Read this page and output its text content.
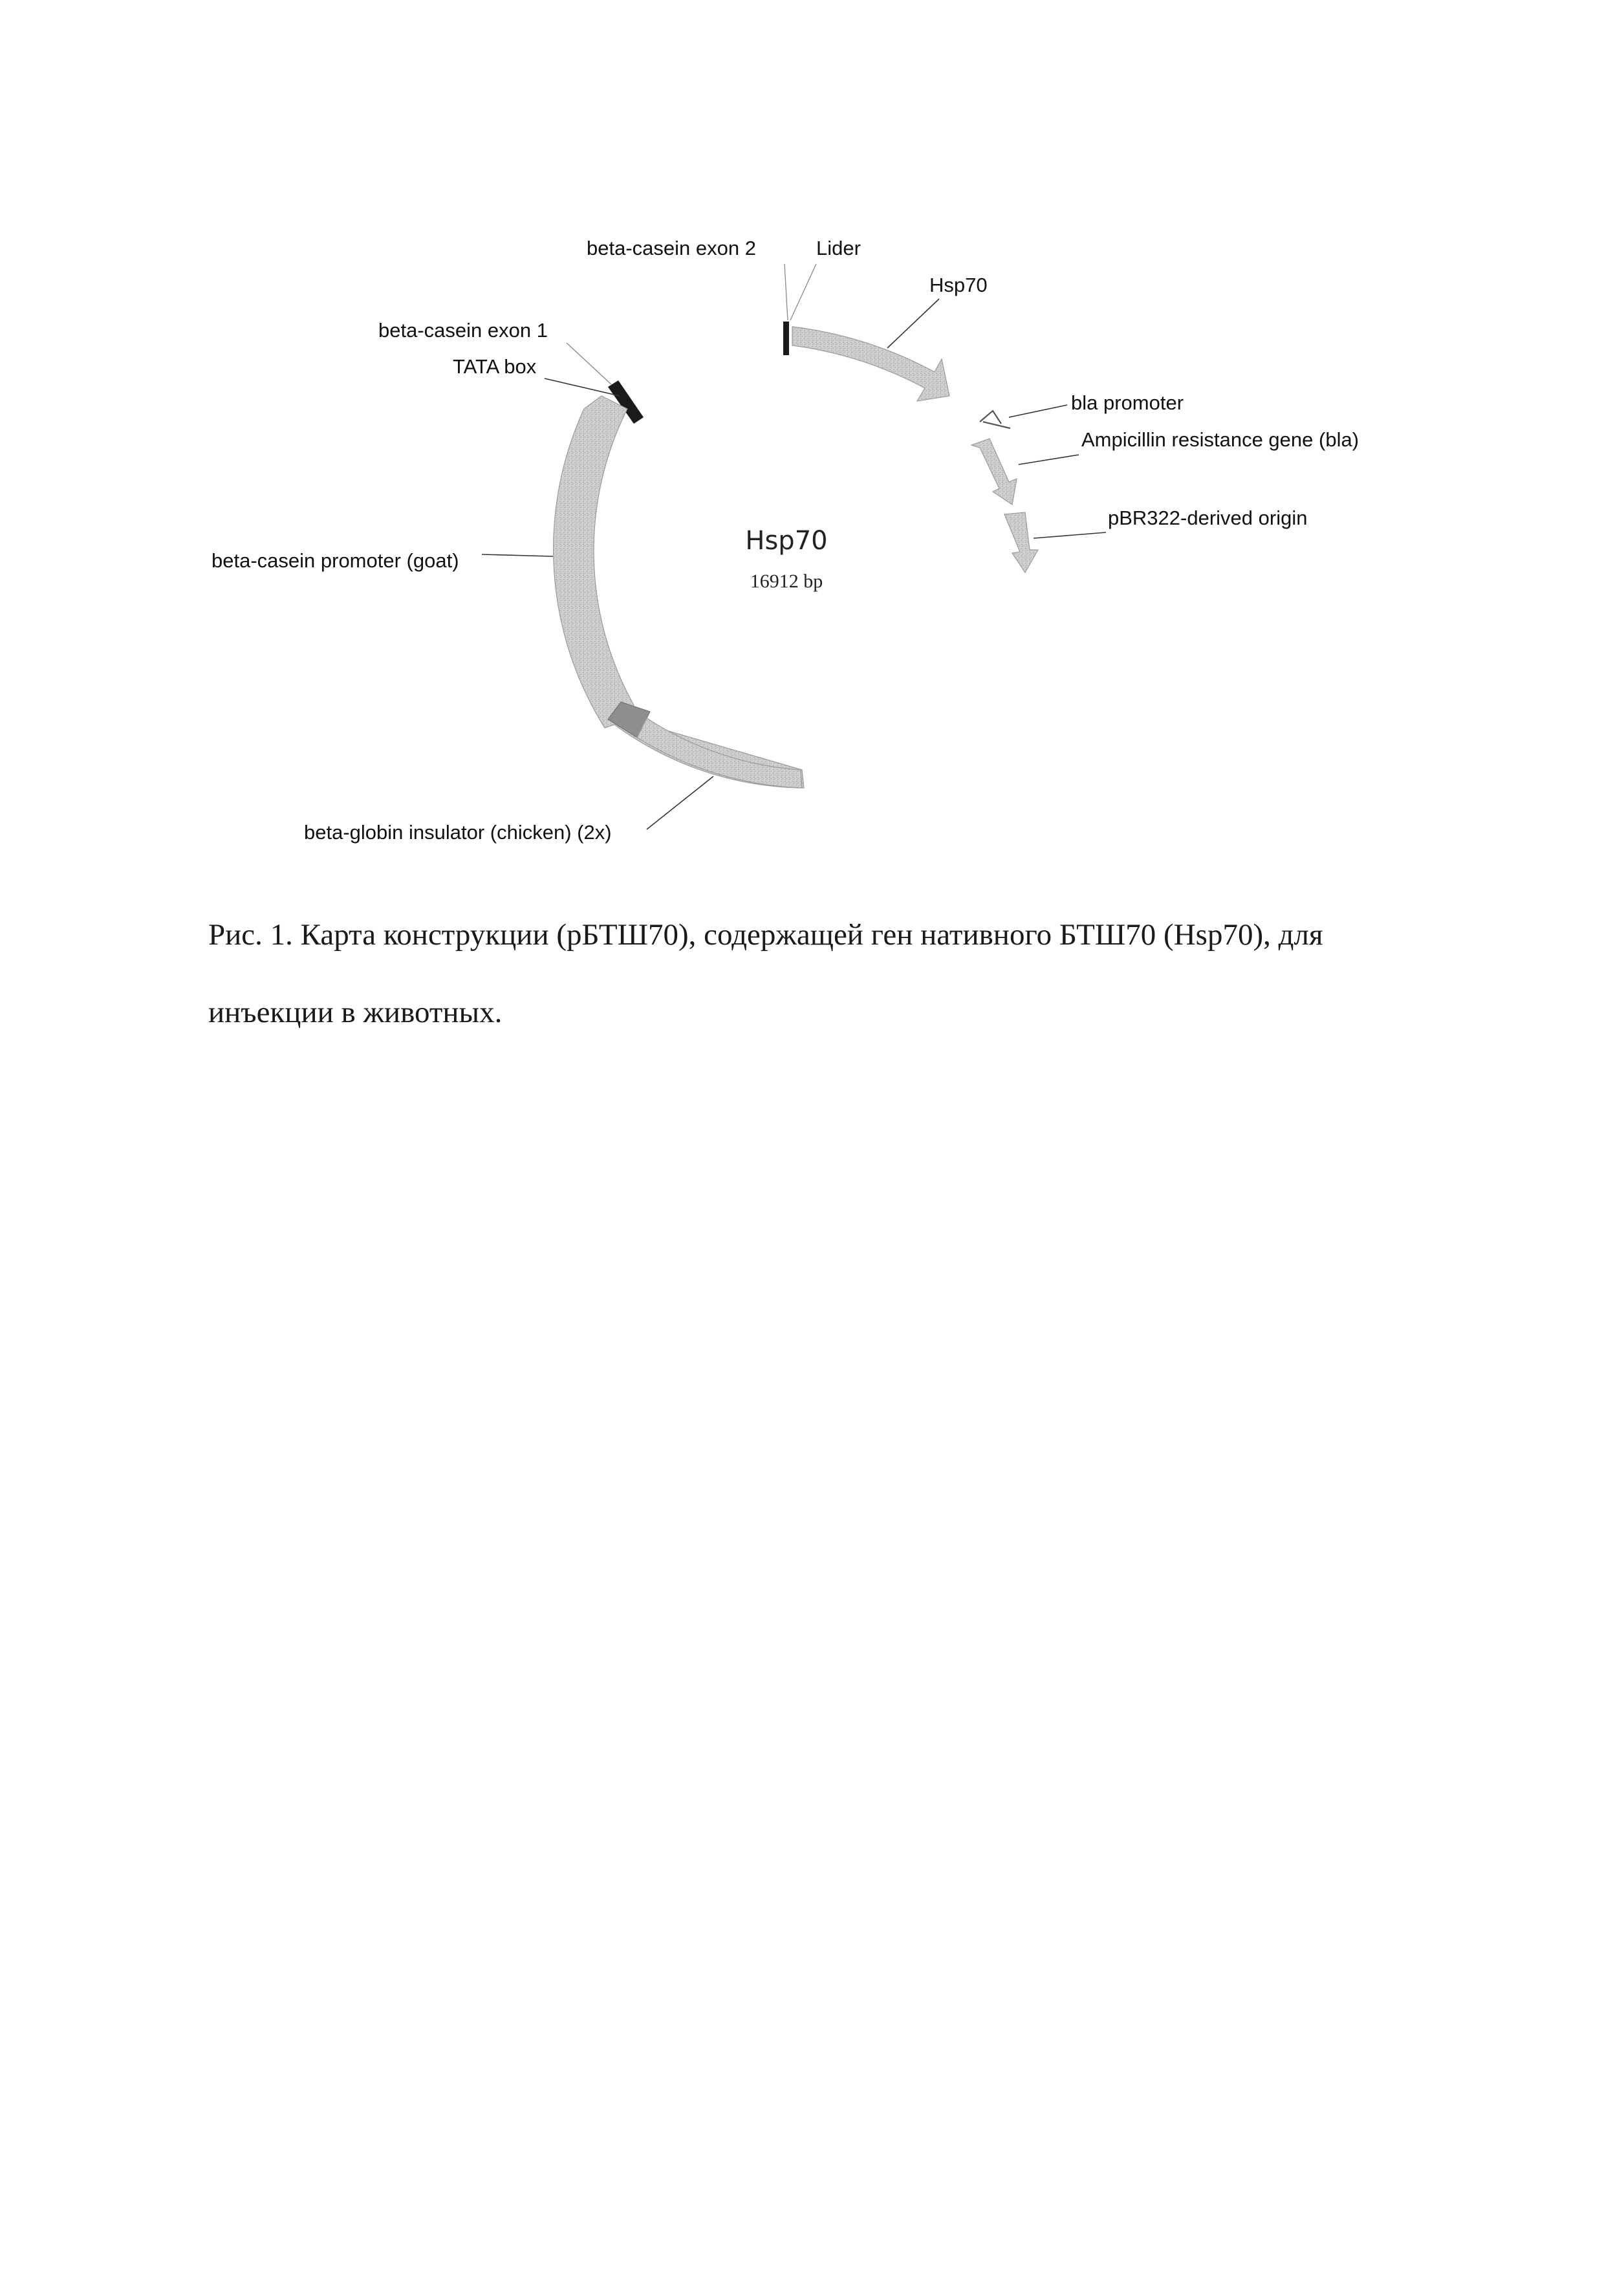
Hsp70
16912 bp
beta-casein exon 2	Lider
Hsp70
beta-casein exon 1
TATA box
bla promoter
Ampicillin resistance gene (bla)
pBR322-derived origin
beta-casein promoter (goat)
beta-globin insulator (chicken) (2x)
Рис. 1. Карта конструкции (рБТШ70), содержащей ген нативного БТШ70 (Hsp70), для
инъекции в животных.
